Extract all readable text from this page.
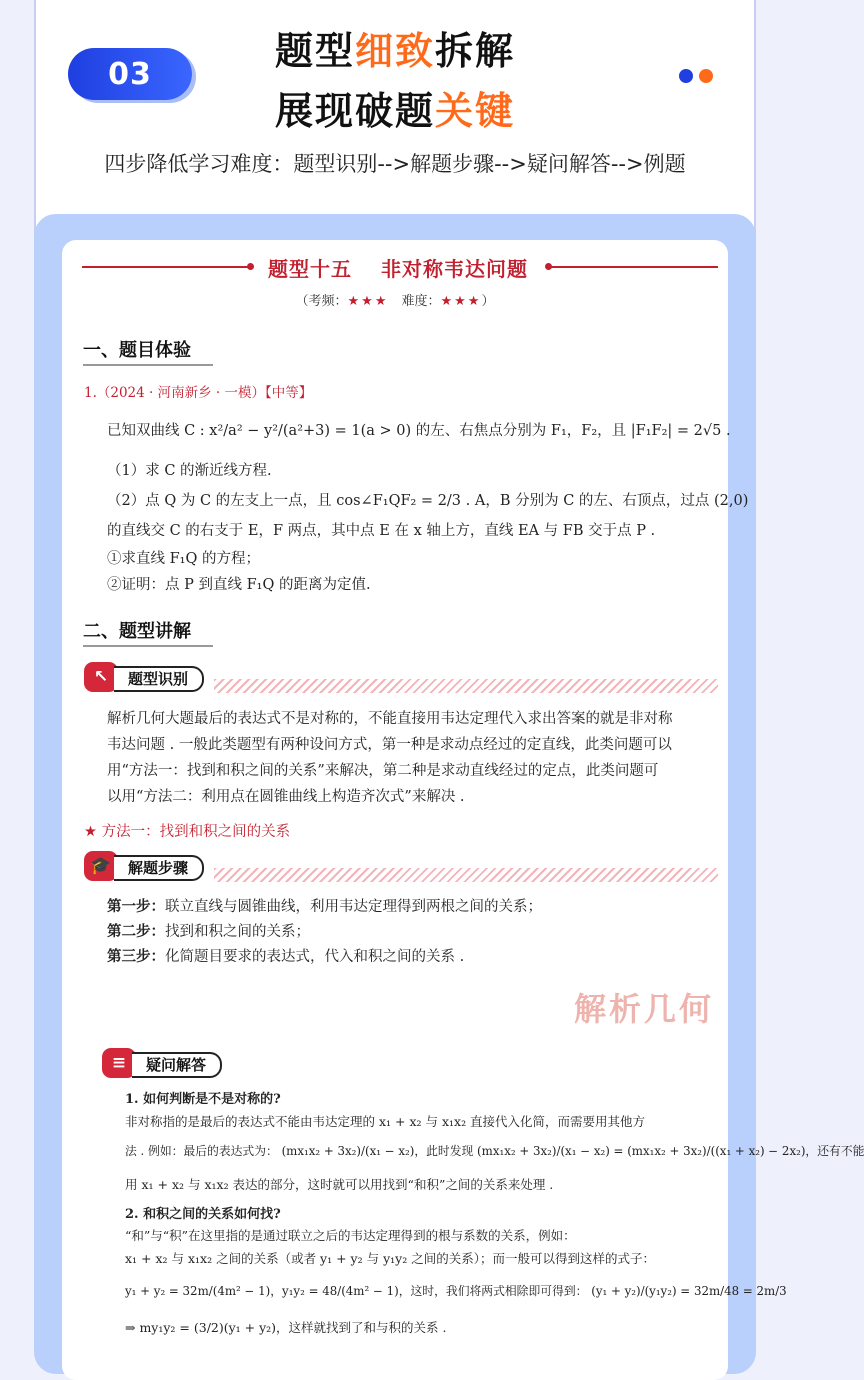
03
题型细致拆解
展现破题关键
四步降低学习难度：题型识别-->解题步骤-->疑问解答-->例题
题型十五　 非对称韦达问题
（考频：★★★　难度：★★★）
一、题目体验
1.（2024 · 河南新乡 · 一模）【中等】
已知双曲线 C : x²/a² − y²/(a²+3) = 1(a > 0) 的左、右焦点分别为 F₁，F₂，且 |F₁F₂| = 2√5 .
（1）求 C 的渐近线方程.
（2）点 Q 为 C 的左支上一点，且 cos∠F₁QF₂ = 2/3 . A，B 分别为 C 的左、右顶点，过点 (2,0)
的直线交 C 的右支于 E，F 两点，其中点 E 在 x 轴上方，直线 EA 与 FB 交于点 P .
①求直线 F₁Q 的方程；
②证明：点 P 到直线 F₁Q 的距离为定值.
二、题型讲解
↖	题型识别
解析几何大题最后的表达式不是对称的，不能直接用韦达定理代入求出答案的就是非对称
韦达问题 . 一般此类题型有两种设问方式，第一种是求动点经过的定直线，此类问题可以
用“方法一：找到和积之间的关系”来解决，第二种是求动直线经过的定点，此类问题可
以用“方法二：利用点在圆锥曲线上构造齐次式”来解决 .
★ 方法一：找到和积之间的关系
🎓	解题步骤
第一步：联立直线与圆锥曲线，利用韦达定理得到两根之间的关系；
第二步：找到和积之间的关系；
第三步：化简题目要求的表达式，代入和积之间的关系 .
解析几何
≡	疑问解答
1. 如何判断是不是对称的?
非对称指的是最后的表达式不能由韦达定理的 x₁ + x₂ 与 x₁x₂ 直接代入化简，而需要用其他方
法 . 例如：最后的表达式为： (mx₁x₂ + 3x₂)/(x₁ − x₂)，此时发现 (mx₁x₂ + 3x₂)/(x₁ − x₂) = (mx₁x₂ + 3x₂)/((x₁ + x₂) − 2x₂)，还有不能
用 x₁ + x₂ 与 x₁x₂ 表达的部分，这时就可以用找到“和积”之间的关系来处理 .
2. 和积之间的关系如何找?
“和”与“积”在这里指的是通过联立之后的韦达定理得到的根与系数的关系，例如：
x₁ + x₂ 与 x₁x₂ 之间的关系（或者 y₁ + y₂ 与 y₁y₂ 之间的关系）；而一般可以得到这样的式子：
y₁ + y₂ = 32m/(4m² − 1)，y₁y₂ = 48/(4m² − 1)，这时，我们将两式相除即可得到： (y₁ + y₂)/(y₁y₂) = 32m/48 = 2m/3
⇒ my₁y₂ = (3/2)(y₁ + y₂)，这样就找到了和与积的关系 .
